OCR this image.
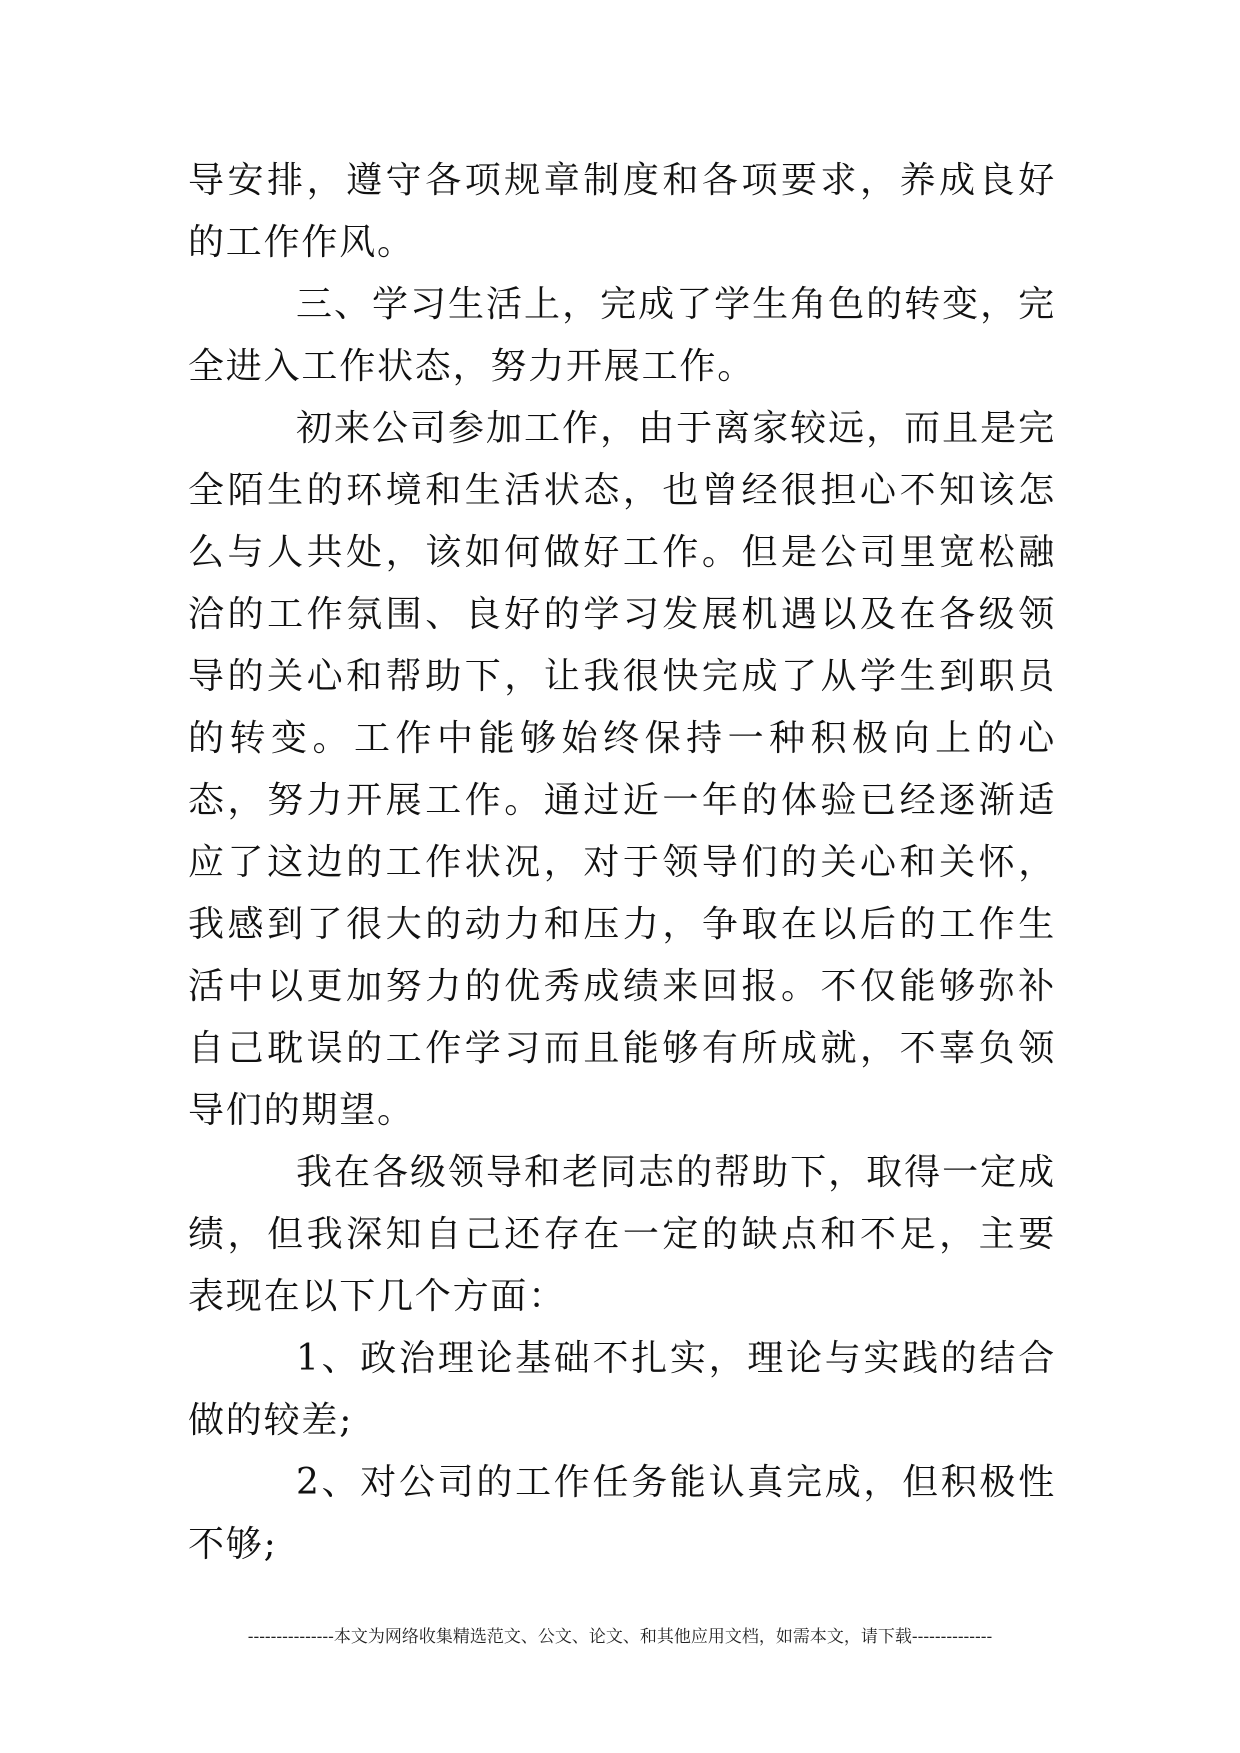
导安排，遵守各项规章制度和各项要求，养成良好的工作作风。

三、学习生活上，完成了学生角色的转变，完全进入工作状态，努力开展工作。

初来公司参加工作，由于离家较远，而且是完全陌生的环境和生活状态，也曾经很担心不知该怎么与人共处，该如何做好工作。但是公司里宽松融洽的工作氛围、良好的学习发展机遇以及在各级领导的关心和帮助下，让我很快完成了从学生到职员的转变。工作中能够始终保持一种积极向上的心态，努力开展工作。通过近一年的体验已经逐渐适应了这边的工作状况，对于领导们的关心和关怀，我感到了很大的动力和压力，争取在以后的工作生活中以更加努力的优秀成绩来回报。不仅能够弥补自己耽误的工作学习而且能够有所成就，不辜负领导们的期望。

我在各级领导和老同志的帮助下，取得一定成绩，但我深知自己还存在一定的缺点和不足，主要表现在以下几个方面：

1、政治理论基础不扎实，理论与实践的结合做的较差;

2、对公司的工作任务能认真完成，但积极性不够;

---------------本文为网络收集精选范文、公文、论文、和其他应用文档，如需本文，请下载--------------
